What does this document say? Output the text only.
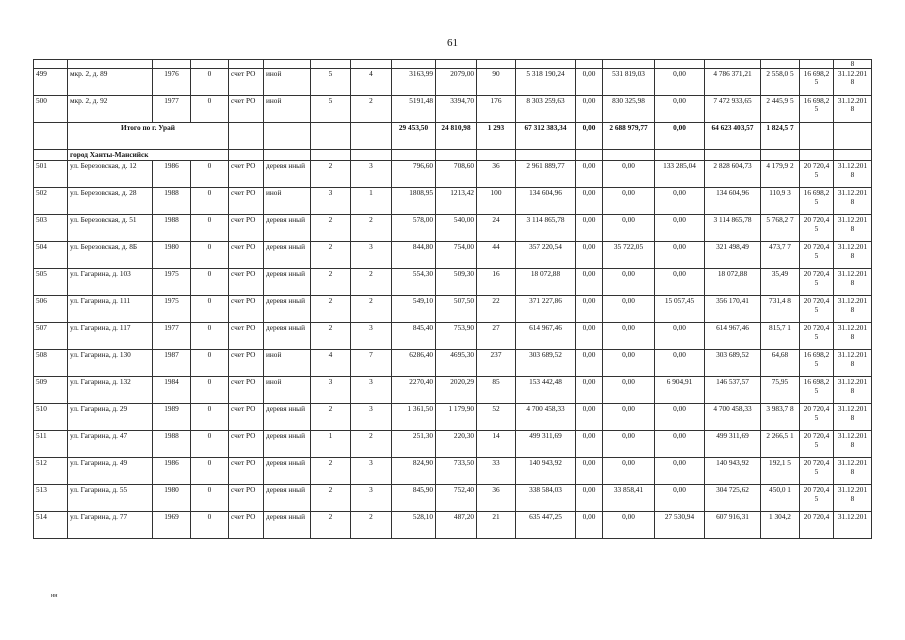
61
																		8
499	мкр. 2, д. 89	1976	0	счет РО	иной	5	4	3163,99	2079,00	90	5 318 190,24	0,00	531 819,03	0,00	4 786 371,21	2 558,0 5	16 698,2 5	31.12.201 8
500	мкр. 2, д. 92	1977	0	счет РО	иной	5	2	5191,48	3394,70	176	8 303 259,63	0,00	830 325,98	0,00	7 472 933,65	2 445,9 5	16 698,2 5	31.12.201 8
	Итого по г. Урай							29 453,50	24 810,98	1 293	67 312 383,34	0,00	2 688 979,77	0,00	64 623 403,57	1 824,5 7		
	город Ханты-Мансийск																	
501	ул. Березовская, д. 12	1986	0	счет РО	деревя нный	2	3	796,60	708,60	36	2 961 889,77	0,00	0,00	133 285,04	2 828 604,73	4 179,9 2	20 720,4 5	31.12.201 8
502	ул. Березовская, д. 28	1988	0	счет РО	иной	3	1	1808,95	1213,42	100	134 604,96	0,00	0,00	0,00	134 604,96	110,9 3	16 698,2 5	31.12.201 8
503	ул. Березовская, д. 51	1988	0	счет РО	деревя нный	2	2	578,00	540,00	24	3 114 865,78	0,00	0,00	0,00	3 114 865,78	5 768,2 7	20 720,4 5	31.12.201 8
504	ул. Березовская, д. 8Б	1980	0	счет РО	деревя нный	2	3	844,80	754,00	44	357 220,54	0,00	35 722,05	0,00	321 498,49	473,7 7	20 720,4 5	31.12.201 8
505	ул. Гагарина, д. 103	1975	0	счет РО	деревя нный	2	2	554,30	509,30	16	18 072,88	0,00	0,00	0,00	18 072,88	35,49	20 720,4 5	31.12.201 8
506	ул. Гагарина, д. 111	1975	0	счет РО	деревя нный	2	2	549,10	507,50	22	371 227,86	0,00	0,00	15 057,45	356 170,41	731,4 8	20 720,4 5	31.12.201 8
507	ул. Гагарина, д. 117	1977	0	счет РО	деревя нный	2	3	845,40	753,90	27	614 967,46	0,00	0,00	0,00	614 967,46	815,7 1	20 720,4 5	31.12.201 8
508	ул. Гагарина, д. 130	1987	0	счет РО	иной	4	7	6286,40	4695,30	237	303 689,52	0,00	0,00	0,00	303 689,52	64,68	16 698,2 5	31.12.201 8
509	ул. Гагарина, д. 132	1984	0	счет РО	иной	3	3	2270,40	2020,29	85	153 442,48	0,00	0,00	6 904,91	146 537,57	75,95	16 698,2 5	31.12.201 8
510	ул. Гагарина, д. 29	1989	0	счет РО	деревя нный	2	3	1 361,50	1 179,90	52	4 700 458,33	0,00	0,00	0,00	4 700 458,33	3 983,7 8	20 720,4 5	31.12.201 8
511	ул. Гагарина, д. 47	1988	0	счет РО	деревя нный	1	2	251,30	220,30	14	499 311,69	0,00	0,00	0,00	499 311,69	2 266,5 1	20 720,4 5	31.12.201 8
512	ул. Гагарина, д. 49	1986	0	счет РО	деревя нный	2	3	824,90	733,50	33	140 943,92	0,00	0,00	0,00	140 943,92	192,1 5	20 720,4 5	31.12.201 8
513	ул. Гагарина, д. 55	1980	0	счет РО	деревя нный	2	3	845,90	752,40	36	338 584,03	0,00	33 858,41	0,00	304 725,62	450,0 1	20 720,4 5	31.12.201 8
514	ул. Гагарина, д. 77	1969	0	счет РО	деревя нный	2	2	528,10	487,20	21	635 447,25	0,00	0,00	27 530,94	607 916,31	1 304,2	20 720,4	31.12.201
нн
